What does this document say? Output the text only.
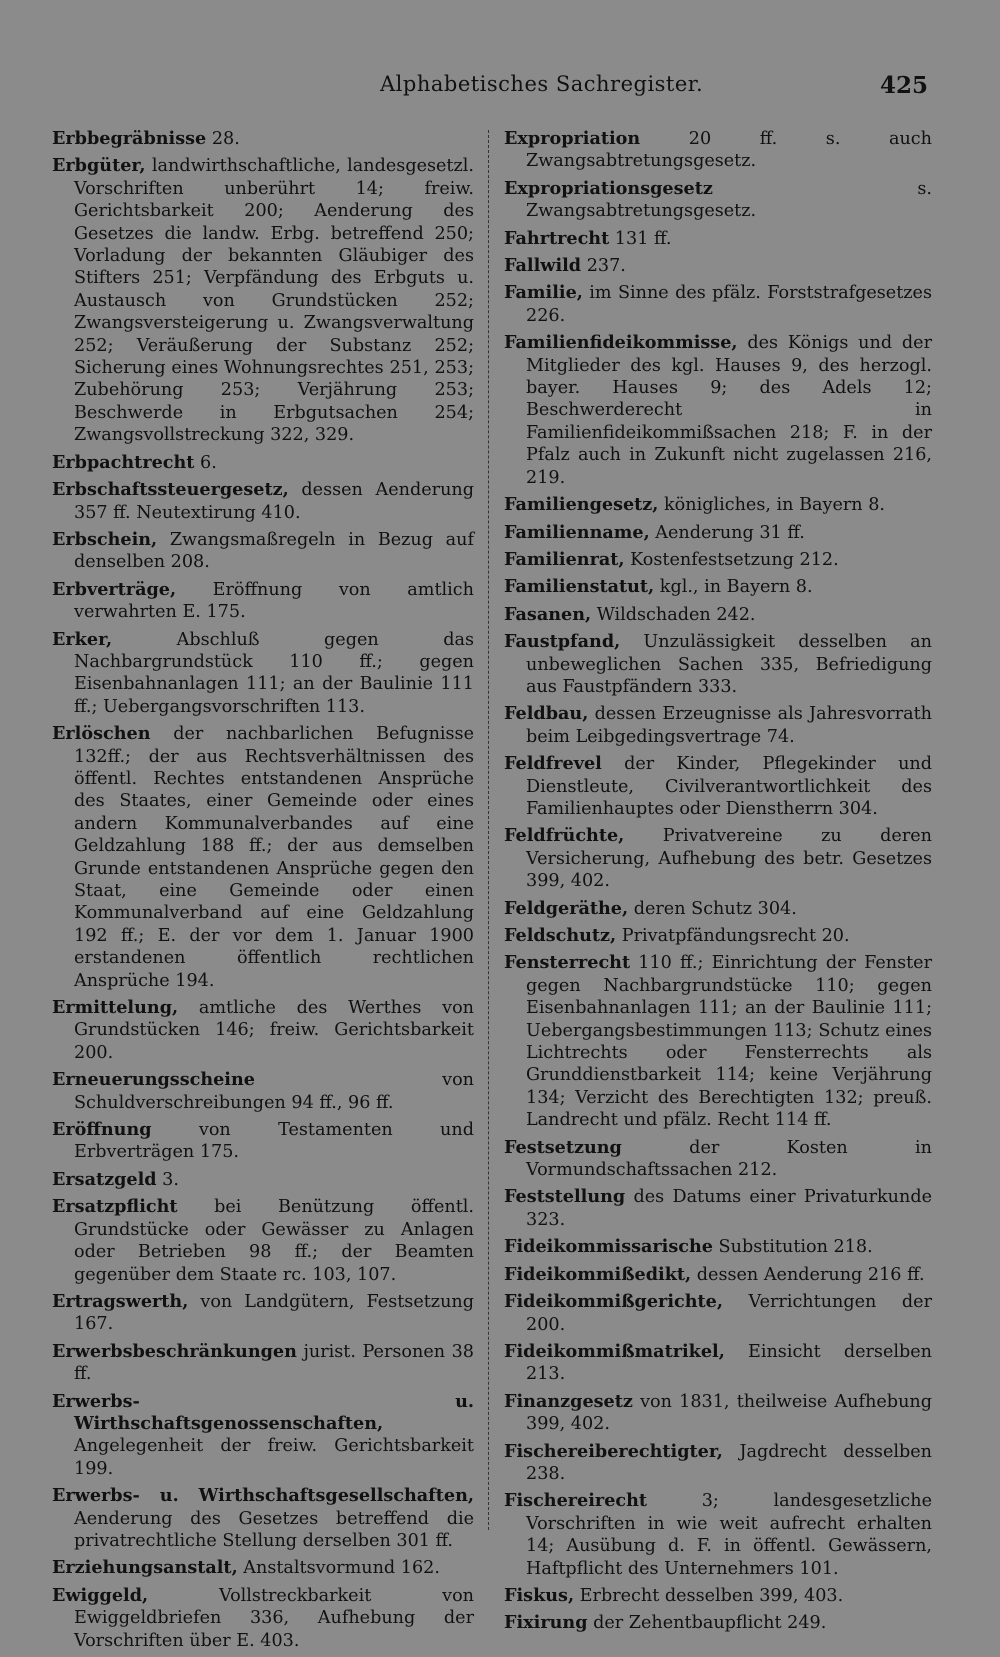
Alphabetisches Sachregister.	425

Erbbegräbnisse 28.

Erbgüter, landwirthschaftliche, landesgesetzl. Vorschriften unberührt 14; freiw. Gerichtsbarkeit 200; Aenderung des Gesetzes die landw. Erbg. betreffend 250; Vorladung der bekannten Gläubiger des Stifters 251; Verpfändung des Erbguts u. Austausch von Grundstücken 252; Zwangsversteigerung u. Zwangsverwaltung 252; Veräußerung der Substanz 252; Sicherung eines Wohnungsrechtes 251, 253; Zubehörung 253; Verjährung 253; Beschwerde in Erbgutsachen 254; Zwangsvollstreckung 322, 329.

Erbpachtrecht 6.

Erbschaftssteuergesetz, dessen Aenderung 357 ff. Neutextirung 410.

Erbschein, Zwangsmaßregeln in Bezug auf denselben 208.

Erbverträge, Eröffnung von amtlich verwahrten E. 175.

Erker, Abschluß gegen das Nachbargrundstück 110 ff.; gegen Eisenbahnanlagen 111; an der Baulinie 111 ff.; Uebergangsvorschriften 113.

Erlöschen der nachbarlichen Befugnisse 132ff.; der aus Rechtsverhältnissen des öffentl. Rechtes entstandenen Ansprüche des Staates, einer Gemeinde oder eines andern Kommunalverbandes auf eine Geldzahlung 188 ff.; der aus demselben Grunde entstandenen Ansprüche gegen den Staat, eine Gemeinde oder einen Kommunalverband auf eine Geldzahlung 192 ff.; E. der vor dem 1. Januar 1900 erstandenen öffentlich rechtlichen Ansprüche 194.

Ermittelung, amtliche des Werthes von Grundstücken 146; freiw. Gerichtsbarkeit 200.

Erneuerungsscheine von Schuldverschreibungen 94 ff., 96 ff.

Eröffnung von Testamenten und Erbverträgen 175.

Ersatzgeld 3.

Ersatzpflicht bei Benützung öffentl. Grundstücke oder Gewässer zu Anlagen oder Betrieben 98 ff.; der Beamten gegenüber dem Staate rc. 103, 107.

Ertragswerth, von Landgütern, Festsetzung 167.

Erwerbsbeschränkungen jurist. Personen 38 ff.

Erwerbs- u. Wirthschaftsgenossenschaften, Angelegenheit der freiw. Gerichtsbarkeit 199.

Erwerbs- u. Wirthschaftsgesellschaften, Aenderung des Gesetzes betreffend die privatrechtliche Stellung derselben 301 ff.

Erziehungsanstalt, Anstaltsvormund 162.

Ewiggeld, Vollstreckbarkeit von Ewiggeldbriefen 336, Aufhebung der Vorschriften über E. 403.

Expropriation 20 ff. s. auch Zwangsabtretungsgesetz.

Expropriationsgesetz s. Zwangsabtretungsgesetz.

Fahrtrecht 131 ff.

Fallwild 237.

Familie, im Sinne des pfälz. Forststrafgesetzes 226.

Familienfideikommisse, des Königs und der Mitglieder des kgl. Hauses 9, des herzogl. bayer. Hauses 9; des Adels 12; Beschwerderecht in Familienfideikommißsachen 218; F. in der Pfalz auch in Zukunft nicht zugelassen 216, 219.

Familiengesetz, königliches, in Bayern 8.

Familienname, Aenderung 31 ff.

Familienrat, Kostenfestsetzung 212.

Familienstatut, kgl., in Bayern 8.

Fasanen, Wildschaden 242.

Faustpfand, Unzulässigkeit desselben an unbeweglichen Sachen 335, Befriedigung aus Faustpfändern 333.

Feldbau, dessen Erzeugnisse als Jahresvorrath beim Leibgedingsvertrage 74.

Feldfrevel der Kinder, Pflegekinder und Dienstleute, Civilverantwortlichkeit des Familienhauptes oder Dienstherrn 304.

Feldfrüchte, Privatvereine zu deren Versicherung, Aufhebung des betr. Gesetzes 399, 402.

Feldgeräthe, deren Schutz 304.

Feldschutz, Privatpfändungsrecht 20.

Fensterrecht 110 ff.; Einrichtung der Fenster gegen Nachbargrundstücke 110; gegen Eisenbahnanlagen 111; an der Baulinie 111; Uebergangsbestimmungen 113; Schutz eines Lichtrechts oder Fensterrechts als Grunddienstbarkeit 114; keine Verjährung 134; Verzicht des Berechtigten 132; preuß. Landrecht und pfälz. Recht 114 ff.

Festsetzung der Kosten in Vormundschaftssachen 212.

Feststellung des Datums einer Privaturkunde 323.

Fideikommissarische Substitution 218.

Fideikommißedikt, dessen Aenderung 216 ff.

Fideikommißgerichte, Verrichtungen der 200.

Fideikommißmatrikel, Einsicht derselben 213.

Finanzgesetz von 1831, theilweise Aufhebung 399, 402.

Fischereiberechtigter, Jagdrecht desselben 238.

Fischereirecht 3; landesgesetzliche Vorschriften in wie weit aufrecht erhalten 14; Ausübung d. F. in öffentl. Gewässern, Haftpflicht des Unternehmers 101.

Fiskus, Erbrecht desselben 399, 403.

Fixirung der Zehentbaupflicht 249.
